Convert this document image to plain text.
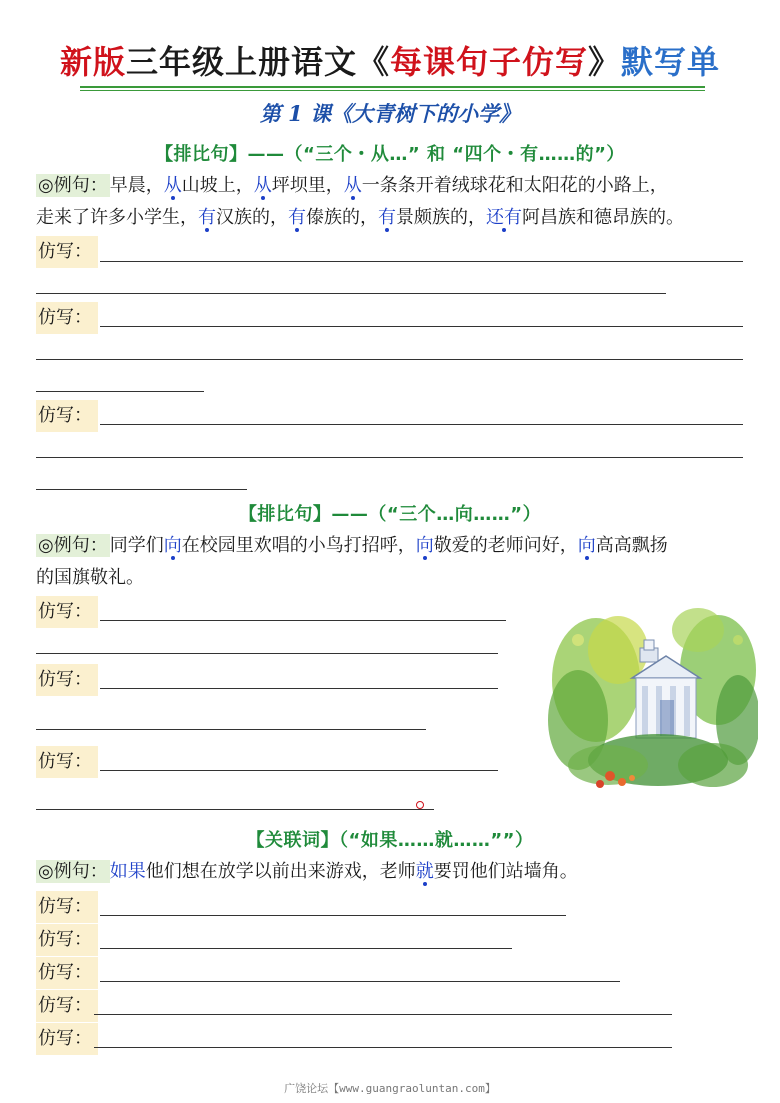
新版三年级上册语文《每课句子仿写》默写单
第 1 课《大青树下的小学》
【排比句】——（“三个・从…” 和 “四个・有……的”）
◎例句： 早晨，从山坡上，从坪坝里，从一条条开着绒球花和太阳花的小路上，
走来了许多小学生，有汉族的，有傣族的，有景颇族的，还有阿昌族和德昂族的。
仿写：
仿写：
仿写：
【排比句】——（“三个…向……”）
◎例句： 同学们向在校园里欢唱的小鸟打招呼，向敬爱的老师问好，向高高飘扬
的国旗敬礼。
仿写：
仿写：
仿写：
【关联词】（“如果……就……””）
◎例句： 如果他们想在放学以前出来游戏，老师就要罚他们站墙角。
仿写：
仿写：
仿写：
仿写：
仿写：
广饶论坛【www.guangraoluntan.com】
